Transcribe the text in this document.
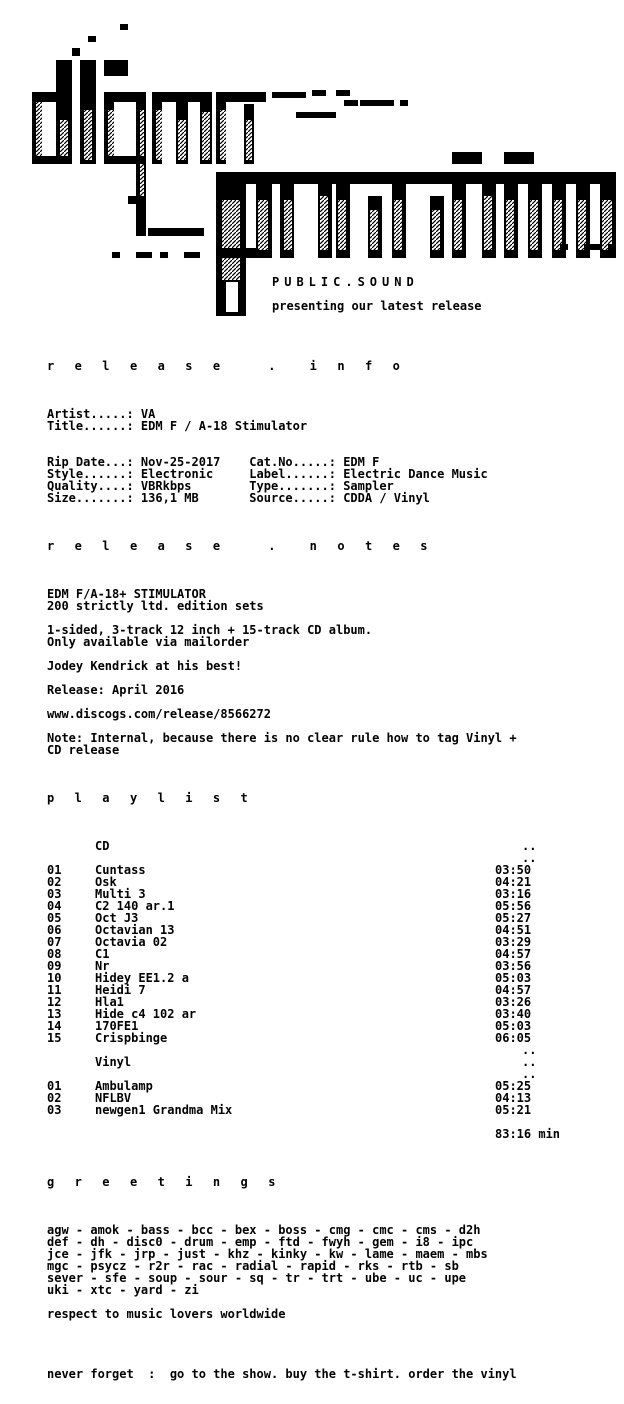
PUBLIC.SOUND
presenting our latest release
r e l e a s e   .  i n f o
Artist.....: VA
Title......: EDM F / A-18 Stimulator
Rip Date...: Nov-25-2017    Cat.No.....: EDM F
Style......: Electronic     Label......: Electric Dance Music
Quality....: VBRkbps        Type.......: Sampler
Size.......: 136,1 MB       Source.....: CDDA / Vinyl
r e l e a s e   .  n o t e s
EDM F/A-18+ STIMULATOR
200 strictly ltd. edition sets
1-sided, 3-track 12 inch + 15-track CD album.
Only available via mailorder
Jodey Kendrick at his best!
Release: April 2016
www.discogs.com/release/8566272
Note: Internal, because there is no clear rule how to tag Vinyl +
CD release
p l a y l i s t
CD	..
..
01	Cuntass	03:50
02	Osk	04:21
03	Multi 3	03:16
04	C2 140 ar.1	05:56
05	Oct J3	05:27
06	Octavian 13	04:51
07	Octavia 02	03:29
08	C1	04:57
09	Nr	03:56
10	Hidey EE1.2 a	05:03
11	Heidi 7	04:57
12	Hla1	03:26
13	Hide c4 102 ar	03:40
14	170FE1	05:03
15	Crispbinge	06:05
Vinyl
..
..
..
01	Ambulamp	05:25
02	NFLBV	04:13
03	newgen1 Grandma Mix	05:21
83:16 min
g r e e t i n g s
agw - amok - bass - bcc - bex - boss - cmg - cmc - cms - d2h
def - dh - disc0 - drum - emp - ftd - fwyh - gem - i8 - ipc
jce - jfk - jrp - just - khz - kinky - kw - lame - maem - mbs
mgc - psycz - r2r - rac - radial - rapid - rks - rtb - sb
sever - sfe - soup - sour - sq - tr - trt - ube - uc - upe
uki - xtc - yard - zi
respect to music lovers worldwide
never forget  :  go to the show. buy the t-shirt. order the vinyl
